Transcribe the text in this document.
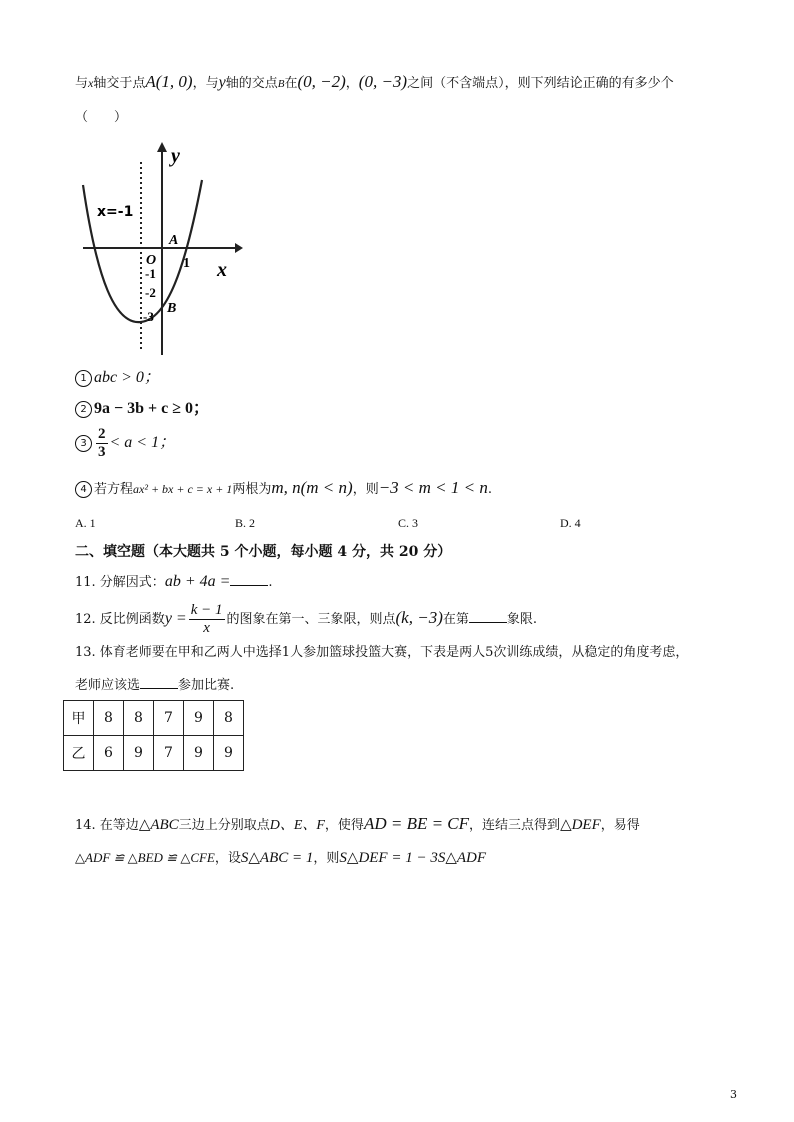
与x轴交于点A(1, 0)，与y轴的交点B在(0, −2)，(0, −3)之间（不含端点），则下列结论正确的有多少个
（　　）
y
x
x=-1
O
A
1
-1
-2
-3
B
1 abc > 0；
2 9a − 3b + c ≥ 0；
$3 \frac{2}{3} < a < 1$；
4 若方程ax² + bx + c = x + 1两根为m, n(m < n)，则−3 < m < 1 < n.
A. 1	B. 2	C. 3	D. 4
二、填空题（本大题共 5 个小题，每小题 4 分，共 20 分）
11. 分解因式：ab + 4a =	.
12. 反比例函数$y = \frac{k - 1}{x}$ 的图象在第一、三象限，则点(k, −3)在第	象限.
13. 体育老师要在甲和乙两人中选择1人参加篮球投篮大赛，下表是两人5次训练成绩，从稳定的角度考虑，
老师应该选	参加比赛.
甲	8	8	7	9	8
乙	6	9	7	9	9
14. 在等边△ABC三边上分别取点D、E、F，使得AD = BE = CF，连结三点得到△DEF，易得
△ADF ≌ △BED ≌ △CFE，设S△ABC = 1，则S△DEF = 1 − 3S△ADF
3
